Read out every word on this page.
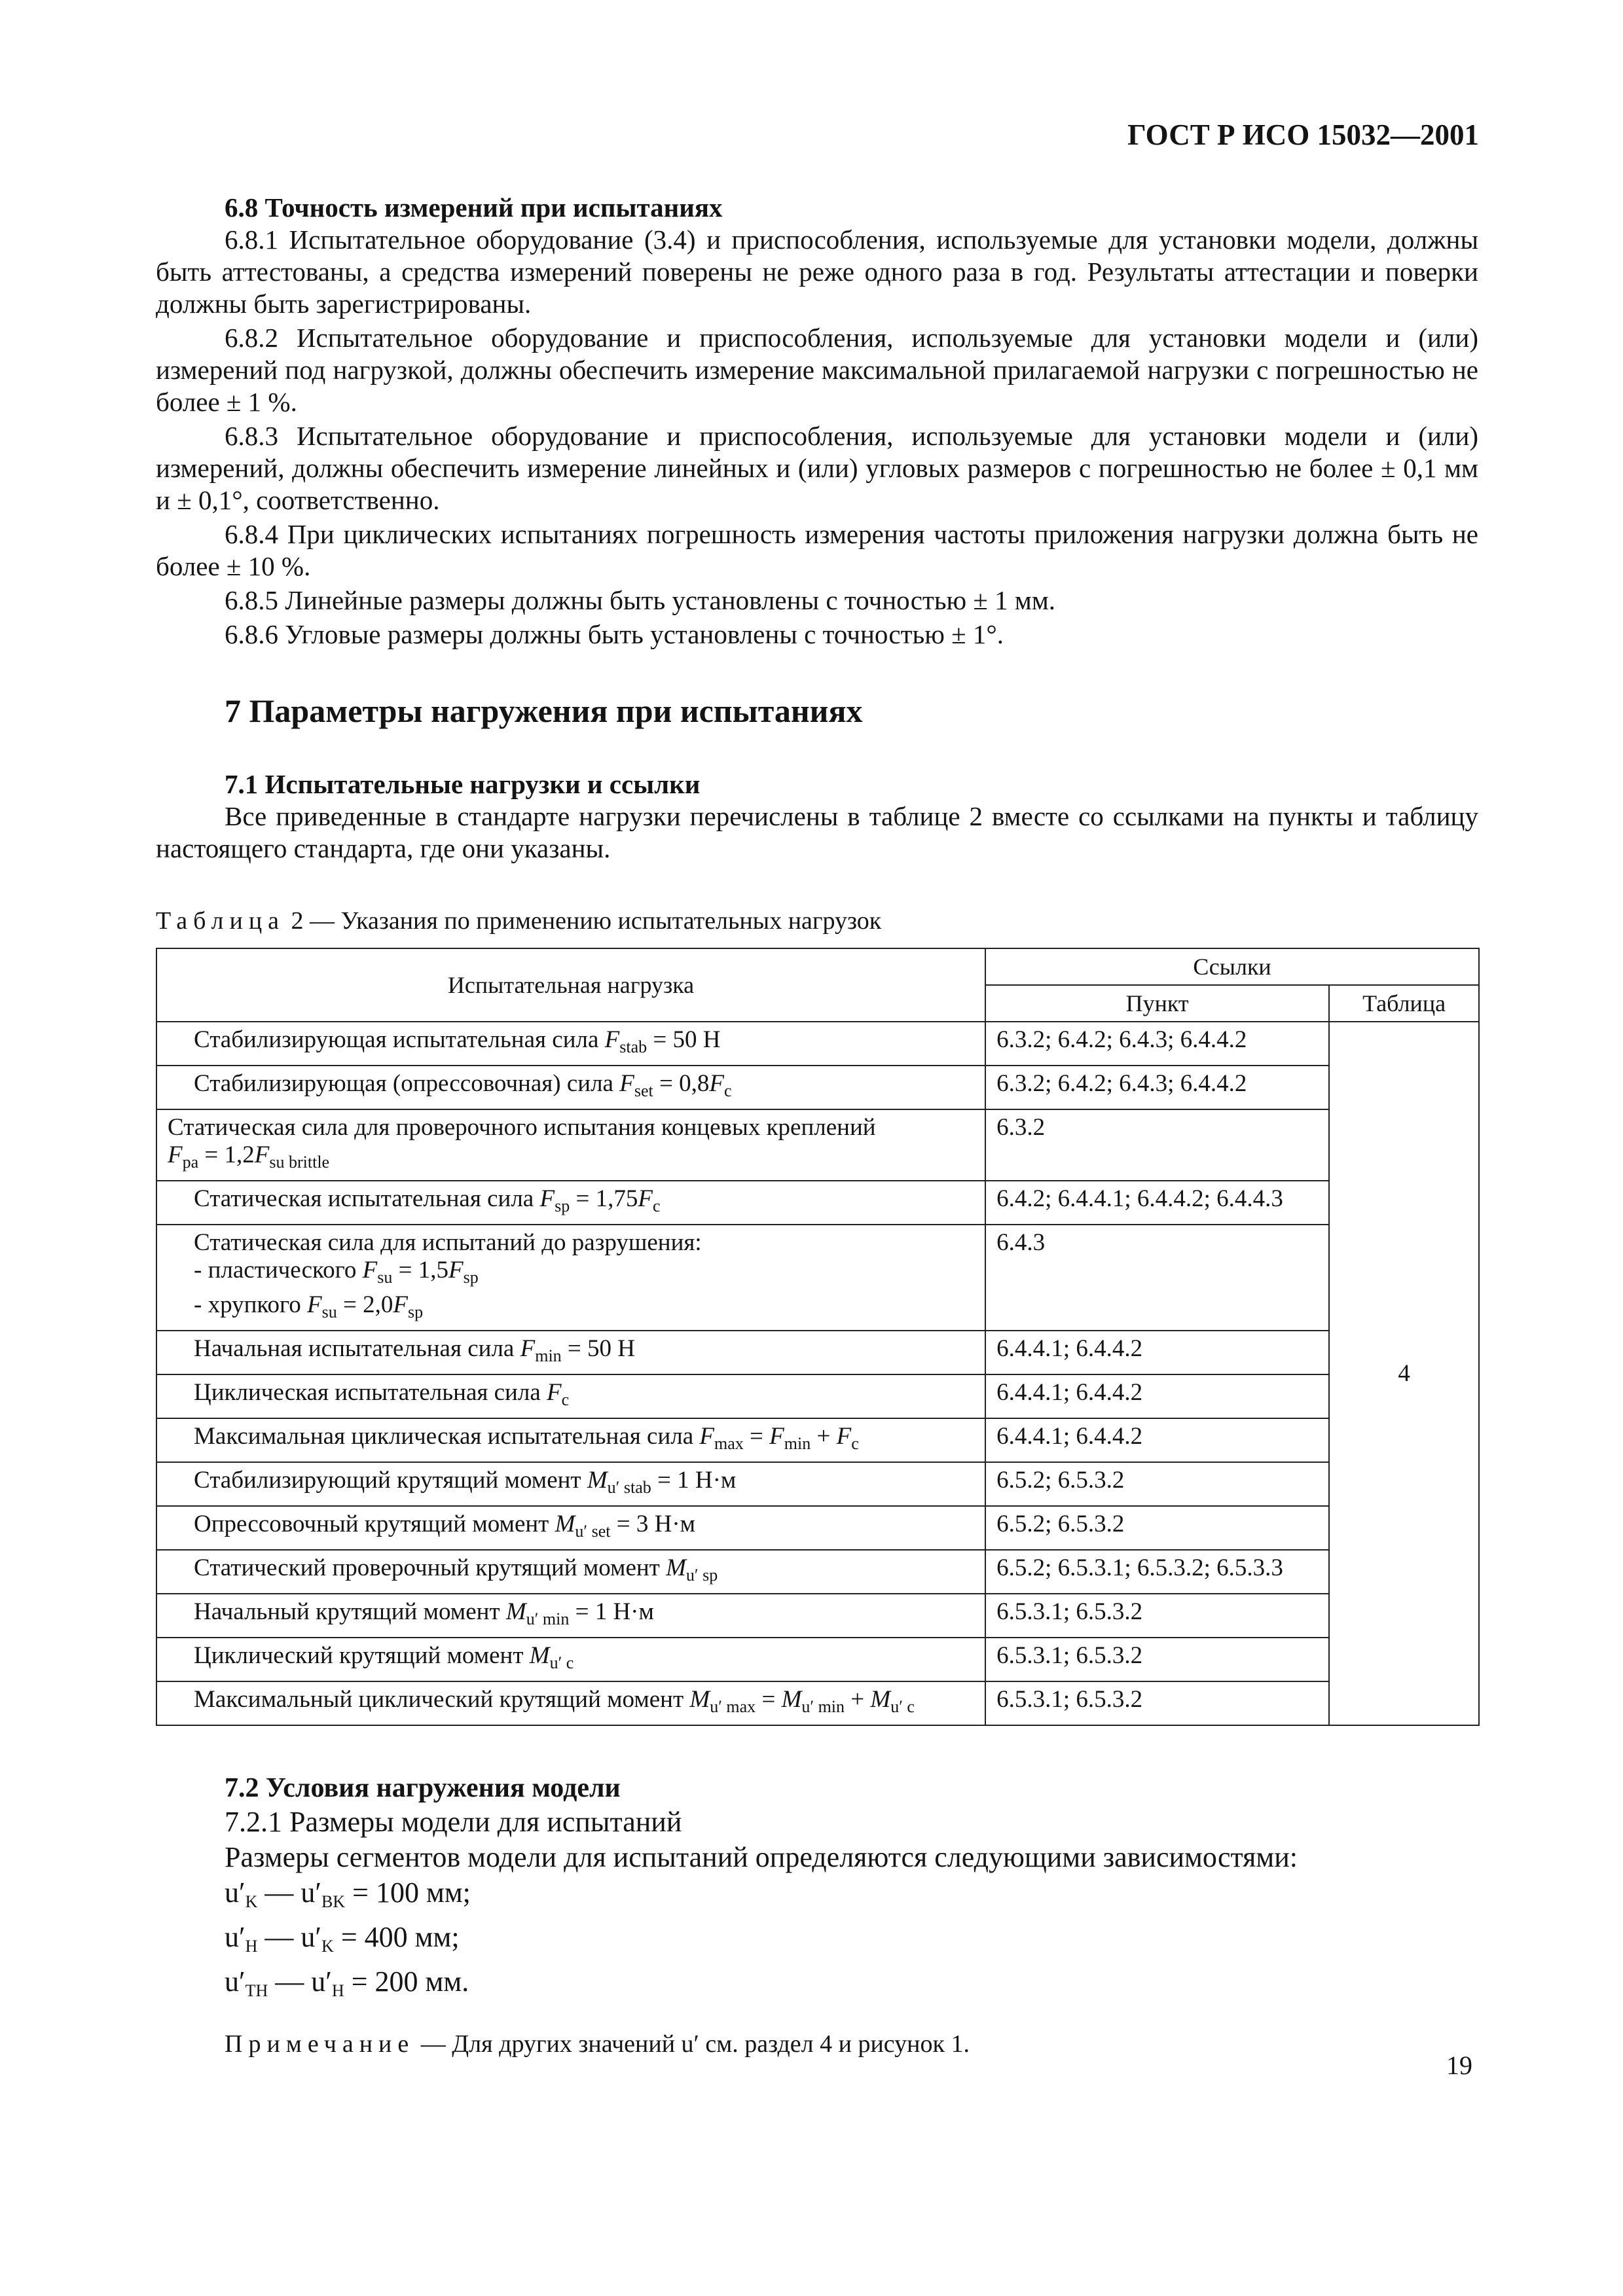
ГОСТ Р ИСО 15032—2001

6.8 Точность измерений при испытаниях

6.8.1 Испытательное оборудование (3.4) и приспособления, используемые для установки модели, должны быть аттестованы, а средства измерений поверены не реже одного раза в год. Результаты аттестации и поверки должны быть зарегистрированы.

6.8.2 Испытательное оборудование и приспособления, используемые для установки модели и (или) измерений под нагрузкой, должны обеспечить измерение максимальной прилагаемой нагрузки с погрешностью не более ± 1 %.

6.8.3 Испытательное оборудование и приспособления, используемые для установки модели и (или) измерений, должны обеспечить измерение линейных и (или) угловых размеров с погрешностью не более ± 0,1 мм и ± 0,1°, соответственно.

6.8.4 При циклических испытаниях погрешность измерения частоты приложения нагрузки должна быть не более ± 10 %.

6.8.5 Линейные размеры должны быть установлены с точностью ± 1 мм.

6.8.6 Угловые размеры должны быть установлены с точностью ± 1°.

7 Параметры нагружения при испытаниях

7.1 Испытательные нагрузки и ссылки

Все приведенные в стандарте нагрузки перечислены в таблице 2 вместе со ссылками на пункты и таблицу настоящего стандарта, где они указаны.

Таблица 2 — Указания по применению испытательных нагрузок
Испытательная нагрузка	Ссылки	
	Пункт	Таблица
Стабилизирующая испытательная сила $F_{stab} = 50$ Н	6.3.2; 6.4.2; 6.4.3; 6.4.4.2	4
Стабилизирующая (опрессовочная) сила $F_{set} = 0,8F_c$	6.3.2; 6.4.2; 6.4.3; 6.4.4.2	

Статическая сила для проверочного испытания концевых креплений
$F_{pa} = 1,2F_{su brittle}$	6.3.2	
Статическая испытательная сила $F_{sp} = 1,75F_c$	6.4.2; 6.4.4.1; 6.4.4.2; 6.4.4.3	

Статическая сила для испытаний до разрушения:
- пластического $F_{su} = 1,5F_{sp}$
- хрупкого $F_{su} = 2,0F_{sp}$	6.4.3	
Начальная испытательная сила $F_{min} = 50$ Н	6.4.4.1; 6.4.4.2	
Циклическая испытательная сила $F_c$	6.4.4.1; 6.4.4.2	
Максимальная циклическая испытательная сила $F_{max} = F_{min} + F_c$	6.4.4.1; 6.4.4.2	
Стабилизирующий крутящий момент $M_{u' stab} = 1$ Н·м	6.5.2; 6.5.3.2	
Опрессовочный крутящий момент $M_{u' set} = 3$ Н·м	6.5.2; 6.5.3.2	
Статический проверочный крутящий момент $M_{u' sp}$	6.5.2; 6.5.3.1; 6.5.3.2; 6.5.3.3	
Начальный крутящий момент $M_{u' min} = 1$ Н·м	6.5.3.1; 6.5.3.2	
Циклический крутящий момент $M_{u' c}$	6.5.3.1; 6.5.3.2	
Максимальный циклический крутящий момент $M_{u' max} = M_{u' min} + M_{u' c}$	6.5.3.1; 6.5.3.2	

7.2 Условия нагружения модели

7.2.1 Размеры модели для испытаний

Размеры сегментов модели для испытаний определяются следующими зависимостями:

$u'_K$ — $u'_{BK} = 100$ мм;

$u'_H$ — $u'_K = 400$ мм;

$u'_{TH}$ — $u'_H = 200$ мм.

Примечание — Для других значений u′ см. раздел 4 и рисунок 1.
19
